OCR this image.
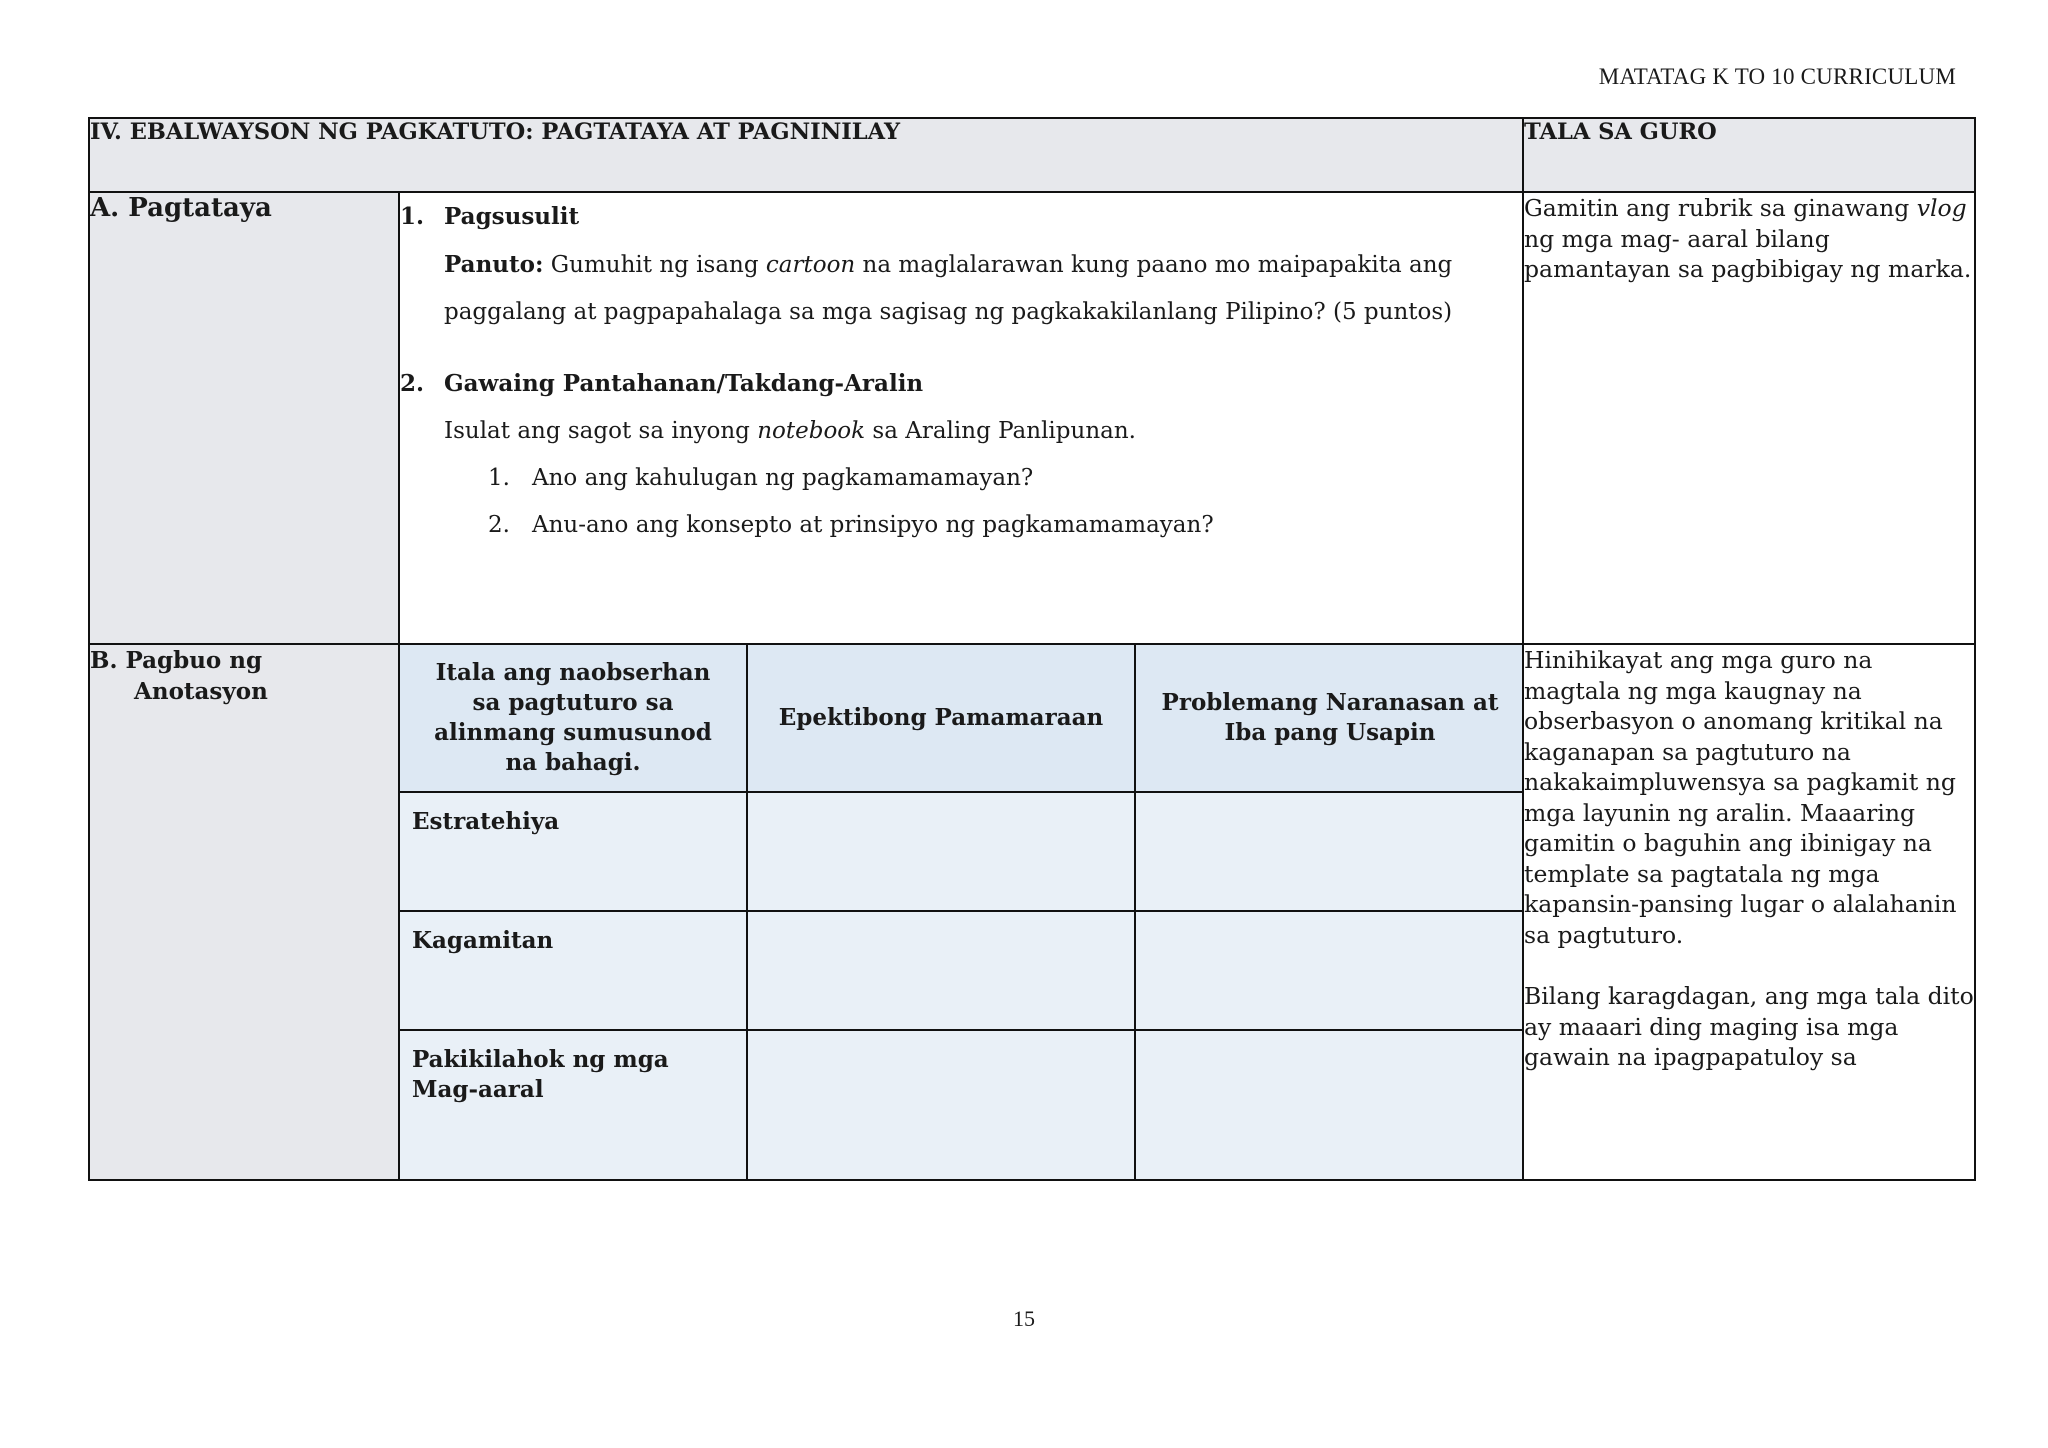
MATATAG K TO 10 CURRICULUM
IV. EBALWAYSON NG PAGKATUTO: PAGTATAYA AT PAGNINILAY	TALA SA GURO
A. Pagtataya	1. Pagsusulit
Panuto: Gumuhit ng isang cartoon na maglalarawan kung paano mo maipapakita ang paggalang at pagpapahalaga sa mga sagisag ng pagkakakilanlang Pilipino? (5 puntos)
2. Gawaing Pantahanan/Takdang-Aralin
Isulat ang sagot sa inyong notebook sa Araling Panlipunan.
1. Ano ang kahulugan ng pagkamamamayan?
2. Anu-ano ang konsepto at prinsipyo ng pagkamamamayan?
	Gamitin ang rubrik sa ginawang vlog ng mga mag- aaral bilang pamantayan sa pagbibigay ng marka.
B. Pagbuo ng
Anotasyon

Itala ang naobserhan sa pagtuturo sa alinmang sumusunod na bahagi.	Epektibong Pamamaraan	Problemang Naranasan at Iba pang Usapin
Estratehiya		
Kagamitan		
Pakikilahok ng mga Mag-aaral		

Hinihikayat ang mga guro na magtala ng mga kaugnay na obserbasyon o anomang kritikal na kaganapan sa pagtuturo na nakakaimpluwensya sa pagkamit ng mga layunin ng aralin. Maaaring gamitin o baguhin ang ibinigay na template sa pagtatala ng mga kapansin-pansing lugar o alalahanin sa pagtuturo.

Bilang karagdagan, ang mga tala dito ay maaari ding maging isa mga gawain na ipagpapatuloy sa

15
